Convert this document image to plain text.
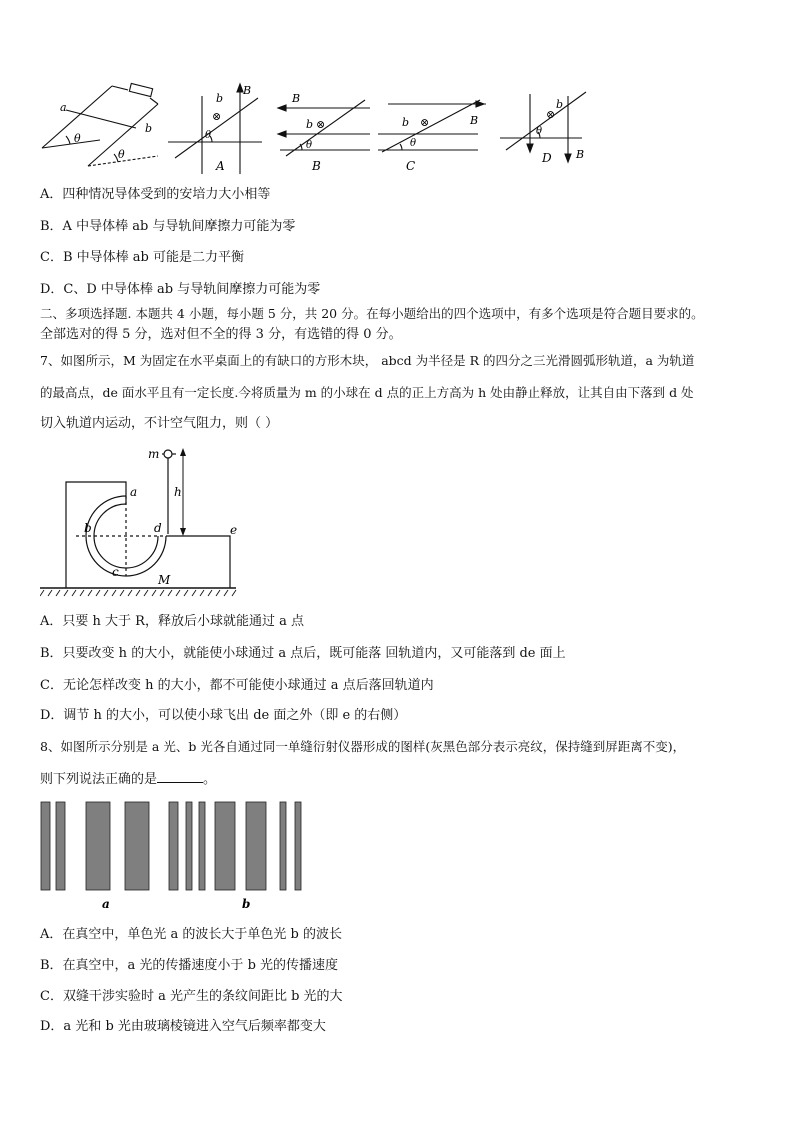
a
b
θ
θ
b
⊗
B
θ
A
B
b ⊗
θ
B
b ⊗	B
θ
C
b
⊗
θ
D B
A．四种情况导体受到的安培力大小相等
B．A 中导体棒 ab 与导轨间摩擦力可能为零
C．B 中导体棒 ab 可能是二力平衡
D．C、D 中导体棒 ab 与导轨间摩擦力可能为零
二、多项选择题. 本题共 4 小题，每小题 5 分，共 20 分。在每小题给出的四个选项中，有多个选项是符合题目要求的。
全部选对的得 5 分，选对但不全的得 3 分，有选错的得 0 分。
7、如图所示，M 为固定在水平桌面上的有缺口的方形木块， abcd 为半径是 R 的四分之三光滑圆弧形轨道，a 为轨道
的最高点，de 面水平且有一定长度.今将质量为 m 的小球在 d 点的正上方高为 h 处由静止释放，让其自由下落到 d 处
切入轨道内运动，不计空气阻力，则（ ）
m
a	h
b	d	e
c
M
A．只要 h 大于 R，释放后小球就能通过 a 点
B．只要改变 h 的大小，就能使小球通过 a 点后，既可能落 回轨道内，又可能落到 de 面上
C．无论怎样改变 h 的大小，都不可能使小球通过 a 点后落回轨道内
D．调节 h 的大小，可以使小球飞出 de 面之外（即 e 的右侧）
8、如图所示分别是 a 光、b 光各自通过同一单缝衍射仪器形成的图样(灰黑色部分表示亮纹，保持缝到屏距离不变)，
则下列说法正确的是	。
a	b
A．在真空中，单色光 a 的波长大于单色光 b 的波长
B．在真空中，a 光的传播速度小于 b 光的传播速度
C．双缝干涉实验时 a 光产生的条纹间距比 b 光的大
D．a 光和 b 光由玻璃棱镜进入空气后频率都变大
